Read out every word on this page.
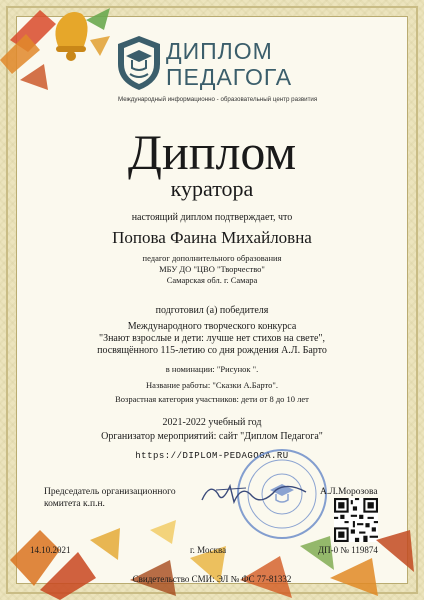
ДИПЛОМ
ПЕДАГОГА
Международный информационно - образовательный центр развития
Диплом
куратора
настоящий диплом подтверждает, что
Попова Фаина Михайловна
педагог дополнительного образования
МБУ ДО "ЦВО "Творчество"
Самарская обл. г. Самара
подготовил (а) победителя
Международного творческого конкурса
"Знают взрослые и дети: лучше нет стихов на свете",
посвящённого 115-летию со дня рождения А.Л. Барто
в номинации: "Рисунок ".
Название работы: "Сказки А.Барто".
Возрастная категория участников: дети от 8 до 10 лет
2021-2022 учебный год
Организатор мероприятий: сайт "Диплом Педагога"
https://DIPLOM-PEDAGOGA.RU
Председатель организационного
комитета к.п.н.
А.Л.Морозова
14.10.2021	г. Москва	ДП-0 № 119874
Свидетельство СМИ: ЭЛ № ФС 77-81332
